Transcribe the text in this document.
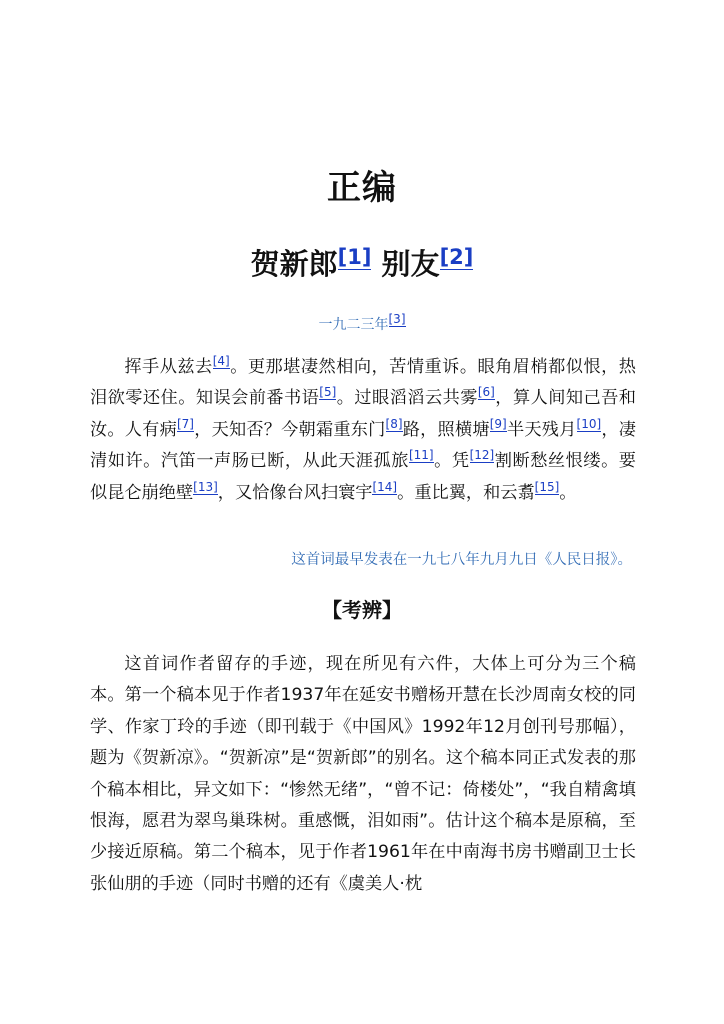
正编
贺新郎[1] 别友[2]
一九二三年[3]

挥手从兹去[4]。更那堪凄然相向，苦情重诉。眼角眉梢都似恨，热泪欲零还住。知误会前番书语[5]。过眼滔滔云共雾[6]，算人间知己吾和汝。人有病[7]，天知否？今朝霜重东门[8]路，照横塘[9]半天残月[10]，凄清如许。汽笛一声肠已断，从此天涯孤旅[11]。凭[12]割断愁丝恨缕。要似昆仑崩绝壁[13]，又恰像台风扫寰宇[14]。重比翼，和云翥[15]。

这首词最早发表在一九七八年九月九日《人民日报》。
【考辨】

这首词作者留存的手迹，现在所见有六件，大体上可分为三个稿本。第一个稿本见于作者1937年在延安书赠杨开慧在长沙周南女校的同学、作家丁玲的手迹（即刊载于《中国风》1992年12月创刊号那幅），题为《贺新凉》。“贺新凉”是“贺新郎”的别名。这个稿本同正式发表的那个稿本相比，异文如下：“惨然无绪”，“曾不记：倚楼处”，“我自精禽填恨海，愿君为翠鸟巢珠树。重感慨，泪如雨”。估计这个稿本是原稿，至少接近原稿。第二个稿本，见于作者1961年在中南海书房书赠副卫士长张仙朋的手迹（同时书赠的还有《虞美人·枕
